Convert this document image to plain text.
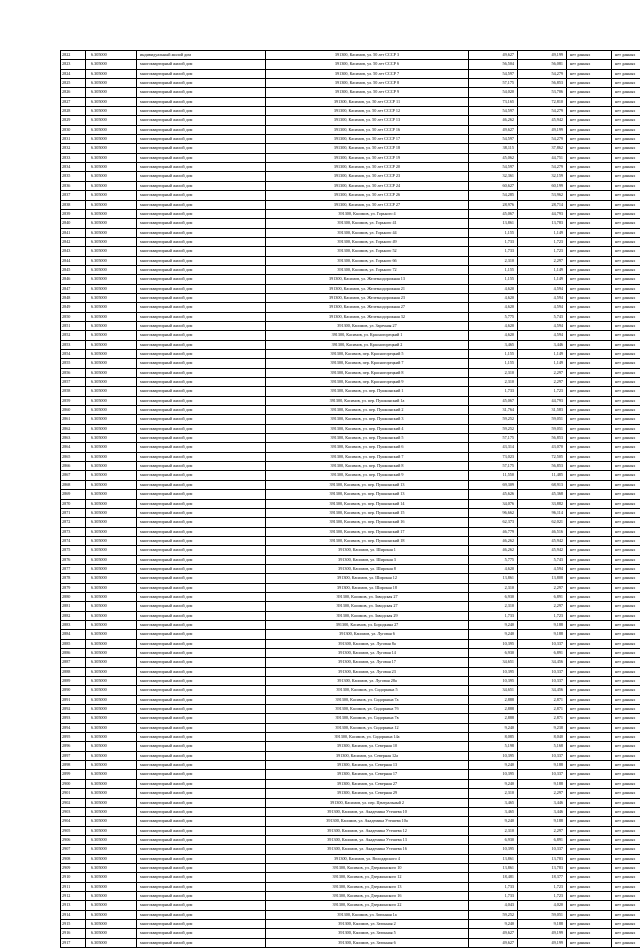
2822	6.305000	индивидуальный жилой дом	391300, Касимов, ул. 50 лет СССР 3	49,627	49,199	нет данных	нет данных
2823	6.305000	многоквартирный жилой дом	391300, Касимов, ул. 50 лет СССР 6	56,504	56,081	нет данных	нет данных
2824	6.305000	многоквартирный жилой дом	391300, Касимов, ул. 50 лет СССР 7	54,597	54,279	нет данных	нет данных
2825	6.305000	многоквартирный жилой дом	391300, Касимов, ул. 50 лет СССР 8	57,175	56,853	нет данных	нет данных
2826	6.305000	многоквартирный жилой дом	391300, Касимов, ул. 50 лет СССР 9	54,020	53,706	нет данных	нет данных
2827	6.305000	многоквартирный жилой дом	391300, Касимов, ул. 50 лет СССР 11	73,165	72,810	нет данных	нет данных
2828	6.305000	многоквартирный жилой дом	391300, Касимов, ул. 50 лет СССР 12	54,597	54,279	нет данных	нет данных
2829	6.305000	многоквартирный жилой дом	391300, Касимов, ул. 50 лет СССР 13	46,262	45,942	нет данных	нет данных
2830	6.305000	многоквартирный жилой дом	391300, Касимов, ул. 50 лет СССР 16	49,627	49,199	нет данных	нет данных
2831	6.305000	многоквартирный жилой дом	391300, Касимов, ул. 50 лет СССР 17	54,597	54,279	нет данных	нет данных
2832	6.305000	многоквартирный жилой дом	391300, Касимов, ул. 50 лет СССР 18	38,115	37,862	нет данных	нет данных
2833	6.305000	многоквартирный жилой дом	391300, Касимов, ул. 50 лет СССР 19	45,062	44,751	нет данных	нет данных
2834	6.305000	многоквартирный жилой дом	391300, Касимов, ул. 50 лет СССР 20	54,597	54,279	нет данных	нет данных
2835	6.305000	многоквартирный жилой дом	391300, Касимов, ул. 50 лет СССР 23	32,361	32,159	нет данных	нет данных
2836	6.305000	многоквартирный жилой дом	391300, Касимов, ул. 50 лет СССР 24	60,627	60,199	нет данных	нет данных
2837	6.305000	многоквартирный жилой дом	391300, Касимов, ул. 50 лет СССР 26	54,285	53,962	нет данных	нет данных
2838	6.305000	многоквартирный жилой дом	391300, Касимов, ул. 50 лет СССР 27	28,976	28,714	нет данных	нет данных
2839	6.305000	многоквартирный жилой дом	391300, Касимов, ул. Горького 4	45,067	44,793	нет данных	нет данных
2840	6.305000	многоквартирный жилой дом	391300, Касимов, ул. Горького 41	13,861	13,783	нет данных	нет данных
2841	6.305000	многоквартирный жилой дом	391300, Касимов, ул. Горького 44	1,155	1,149	нет данных	нет данных
2842	6.305000	многоквартирный жилой дом	391300, Касимов, ул. Горького 49	1,733	1,723	нет данных	нет данных
2843	6.305000	многоквартирный жилой дом	391300, Касимов, ул. Горького 52	1,733	1,723	нет данных	нет данных
2844	6.305000	многоквартирный жилой дом	391300, Касимов, ул. Горького 66	2,310	2,297	нет данных	нет данных
2845	6.305000	многоквартирный жилой дом	391300, Касимов, ул. Горького 72	1,155	1,149	нет данных	нет данных
2846	6.305000	многоквартирный жилой дом	391300, Касимов, ул. Железнодорожная 13	1,155	1,149	нет данных	нет данных
2847	6.305000	многоквартирный жилой дом	391300, Касимов, ул. Железнодорожная 21	4,620	4,594	нет данных	нет данных
2848	6.305000	многоквартирный жилой дом	391300, Касимов, ул. Железнодорожная 23	4,620	4,594	нет данных	нет данных
2849	6.305000	многоквартирный жилой дом	391300, Касимов, ул. Железнодорожная 27	4,620	4,594	нет данных	нет данных
2850	6.305000	многоквартирный жилой дом	391300, Касимов, ул. Железнодорожная 32	5,775	5,743	нет данных	нет данных
2851	6.305000	многоквартирный жилой дом	391300, Касимов, ул. Заречная 27	4,620	4,594	нет данных	нет данных
2852	6.305000	многоквартирный жилой дом	391300, Касимов, ул. Красногорецкий 1	4,620	4,594	нет данных	нет данных
2853	6.305000	многоквартирный жилой дом	391300, Касимов, ул. Красногорецкий 2	3,465	3,446	нет данных	нет данных
2854	6.305000	многоквартирный жилой дом	391300, Касимов, пер. Красногорецкий 5	1,155	1,149	нет данных	нет данных
2855	6.305000	многоквартирный жилой дом	391300, Касимов, пер. Красногорецкий 7	1,155	1,149	нет данных	нет данных
2856	6.305000	многоквартирный жилой дом	391300, Касимов, пер. Красногорецкий 8	2,310	2,297	нет данных	нет данных
2857	6.305000	многоквартирный жилой дом	391300, Касимов, пер. Красногорецкий 9	2,310	2,297	нет данных	нет данных
2858	6.305000	многоквартирный жилой дом	391300, Касимов, ул. пер. Пушкинский 1	1,733	1,723	нет данных	нет данных
2859	6.305000	многоквартирный жилой дом	391300, Касимов, ул. пер. Пушкинский 1а	45,067	44,793	нет данных	нет данных
2860	6.305000	многоквартирный жилой дом	391300, Касимов, ул. пер. Пушкинский 2	31,764	31,583	нет данных	нет данных
2861	6.305000	многоквартирный жилой дом	391300, Касимов, ул. пер. Пушкинский 3	59,252	59,051	нет данных	нет данных
2862	6.305000	многоквартирный жилой дом	391300, Касимов, ул. пер. Пушкинский 4	59,252	59,051	нет данных	нет данных
2863	6.305000	многоквартирный жилой дом	391300, Касимов, ул. пер. Пушкинский 5	57,175	56,853	нет данных	нет данных
2864	6.305000	многоквартирный жилой дом	391300, Касимов, ул. пер. Пушкинский 6	43,314	43,070	нет данных	нет данных
2865	6.305000	многоквартирный жилой дом	391300, Касимов, ул. пер. Пушкинский 7	73,023	72,505	нет данных	нет данных
2866	6.305000	многоквартирный жилой дом	391300, Касимов, ул. пер. Пушкинский 8	57,175	56,853	нет данных	нет данных
2867	6.305000	многоквартирный жилой дом	391300, Касимов, ул. пер. Пушкинский 9	11,550	11,485	нет данных	нет данных
2868	6.305000	многоквартирный жилой дом	391300, Касимов, ул. пер. Пушкинский 13	69,309	68,913	нет данных	нет данных
2869	6.305000	многоквартирный жилой дом	391300, Касимов, ул. пер. Пушкинский 13	45,626	45,368	нет данных	нет данных
2870	6.305000	многоквартирный жилой дом	391300, Касимов, ул. пер. Пушкинский 14	34,076	33,882	нет данных	нет данных
2871	6.305000	многоквартирный жилой дом	391300, Касимов, ул. пер. Пушкинский 15	96,662	96,114	нет данных	нет данных
2872	6.305000	многоквартирный жилой дом	391300, Касимов, ул. пер. Пушкинский 16	62,373	62,021	нет данных	нет данных
2873	6.305000	многоквартирный жилой дом	391300, Касимов, ул. пер. Пушкинский 17	46,779	46,516	нет данных	нет данных
2874	6.305000	многоквартирный жилой дом	391300, Касимов, ул. пер. Пушкинский 18	46,262	45,942	нет данных	нет данных
2875	6.305000	многоквартирный жилой дом	391300, Касимов, ул. Широкая 1	46,262	45,942	нет данных	нет данных
2876	6.305000	многоквартирный жилой дом	391300, Касимов, ул. Широкая 3	5,775	5,743	нет данных	нет данных
2877	6.305000	многоквартирный жилой дом	391300, Касимов, ул. Широкая 8	4,620	4,594	нет данных	нет данных
2878	6.305000	многоквартирный жилой дом	391300, Касимов, ул. Широкая 12	13,861	13,808	нет данных	нет данных
2879	6.305000	многоквартирный жилой дом	391300, Касимов, ул. Широкая 18	2,310	2,297	нет данных	нет данных
2880	6.305000	многоквартирный жилой дом	391300, Касимов, ул. Заводская 27	6,930	6,891	нет данных	нет данных
2881	6.305000	многоквартирный жилой дом	391300, Касимов, ул. Заводская 27	2,310	2,297	нет данных	нет данных
2882	6.305000	многоквартирный жилой дом	391300, Касимов, ул. Заводская 29	1,733	1,723	нет данных	нет данных
2883	6.305000	многоквартирный жилой дом	391300, Касимов, ул. Бородкина 27	9,240	9,188	нет данных	нет данных
2884	6.305000	многоквартирный жилой дом	391300, Касимов, ул. Луговая 6	9,240	9,188	нет данных	нет данных
2885	6.305000	многоквартирный жилой дом	391300, Касимов, ул. Луговая 8а	10,395	10,337	нет данных	нет данных
2886	6.305000	многоквартирный жилой дом	391300, Касимов, ул. Луговая 14	6,930	6,891	нет данных	нет данных
2887	6.305000	многоквартирный жилой дом	391300, Касимов, ул. Луговая 17	34,651	34,456	нет данных	нет данных
2888	6.305000	многоквартирный жилой дом	391300, Касимов, ул. Луговая 23	10,395	10,337	нет данных	нет данных
2889	6.305000	многоквартирный жилой дом	391300, Касимов, ул. Луговая 28а	10,395	10,337	нет данных	нет данных
2890	6.305000	многоквартирный жилой дом	391300, Касимов, ул. Сидоркина 5	34,651	34,456	нет данных	нет данных
2891	6.305000	многоквартирный жилой дом	391300, Касимов, ул. Сидоркина 7а	2,888	2,871	нет данных	нет данных
2892	6.305000	многоквартирный жилой дом	391300, Касимов, ул. Сидоркина 7б	2,888	2,871	нет данных	нет данных
2893	6.305000	многоквартирный жилой дом	391300, Касимов, ул. Сидоркина 7в	2,888	2,871	нет данных	нет данных
2894	6.305000	многоквартирный жилой дом	391300, Касимов, ул. Сидоркина 12	9,240	9,238	нет данных	нет данных
2895	6.305000	многоквартирный жилой дом	391300, Касимов, ул. Сидоркина 14а	8,085	8,040	нет данных	нет данных
2896	6.305000	многоквартирный жилой дом	391300, Касимов, ул. Северная 10	5,198	5,168	нет данных	нет данных
2897	6.305000	многоквартирный жилой дом	391300, Касимов, ул. Северная 12а	10,395	10,337	нет данных	нет данных
2898	6.305000	многоквартирный жилой дом	391300, Касимов, ул. Северная 13	9,240	9,188	нет данных	нет данных
2899	6.305000	многоквартирный жилой дом	391300, Касимов, ул. Северная 17	10,395	10,337	нет данных	нет данных
2900	6.305000	многоквартирный жилой дом	391300, Касимов, ул. Северная 27	9,240	9,188	нет данных	нет данных
2901	6.305000	многоквартирный жилой дом	391300, Касимов, ул. Северная 29	2,310	2,297	нет данных	нет данных
2902	6.305000	многоквартирный жилой дом	391300, Касимов, ул. пер. Центральный 2	3,465	3,446	нет данных	нет данных
2903	6.305000	многоквартирный жилой дом	391300, Касимов, ул. Академика Утешева 10	3,465	3,446	нет данных	нет данных
2904	6.305000	многоквартирный жилой дом	391300, Касимов, ул. Академика Утешева 10а	9,240	9,188	нет данных	нет данных
2905	6.305000	многоквартирный жилой дом	391300, Касимов, ул. Академика Утешева 12	2,310	2,297	нет данных	нет данных
2906	6.305000	многоквартирный жилой дом	391300, Касимов, ул. Академика Утешева 13	6,930	6,891	нет данных	нет данных
2907	6.305000	многоквартирный жилой дом	391300, Касимов, ул. Академика Утешева 16	10,395	10,337	нет данных	нет данных
2908	6.305000	многоквартирный жилой дом	391300, Касимов, ул. Володарского 4	13,861	13,783	нет данных	нет данных
2909	6.305000	многоквартирный жилой дом	391300, Касимов, ул. Дзержинского 10	13,861	13,783	нет данных	нет данных
2910	6.305000	многоквартирный жилой дом	391300, Касимов, ул. Дзержинского 12	18,481	18,377	нет данных	нет данных
2911	6.305000	многоквартирный жилой дом	391300, Касимов, ул. Дзержинского 13	1,733	1,723	нет данных	нет данных
2912	6.305000	многоквартирный жилой дом	391300, Касимов, ул. Дзержинского 16	1,733	1,723	нет данных	нет данных
2913	6.305000	многоквартирный жилой дом	391300, Касимов, ул. Дзержинского 22	4,043	4,020	нет данных	нет данных
2914	6.305000	многоквартирный жилой дом	391300, Касимов, ул. Затонная 1а	59,252	59,051	нет данных	нет данных
2915	6.305000	многоквартирный жилой дом	391300, Касимов, ул. Затонная 2	9,240	9,188	нет данных	нет данных
2916	6.305000	многоквартирный жилой дом	391300, Касимов, ул. Затонная 5	49,627	49,199	нет данных	нет данных
2917	6.305000	многоквартирный жилой дом	391300, Касимов, ул. Затонная 6	49,627	49,199	нет данных	нет данных
